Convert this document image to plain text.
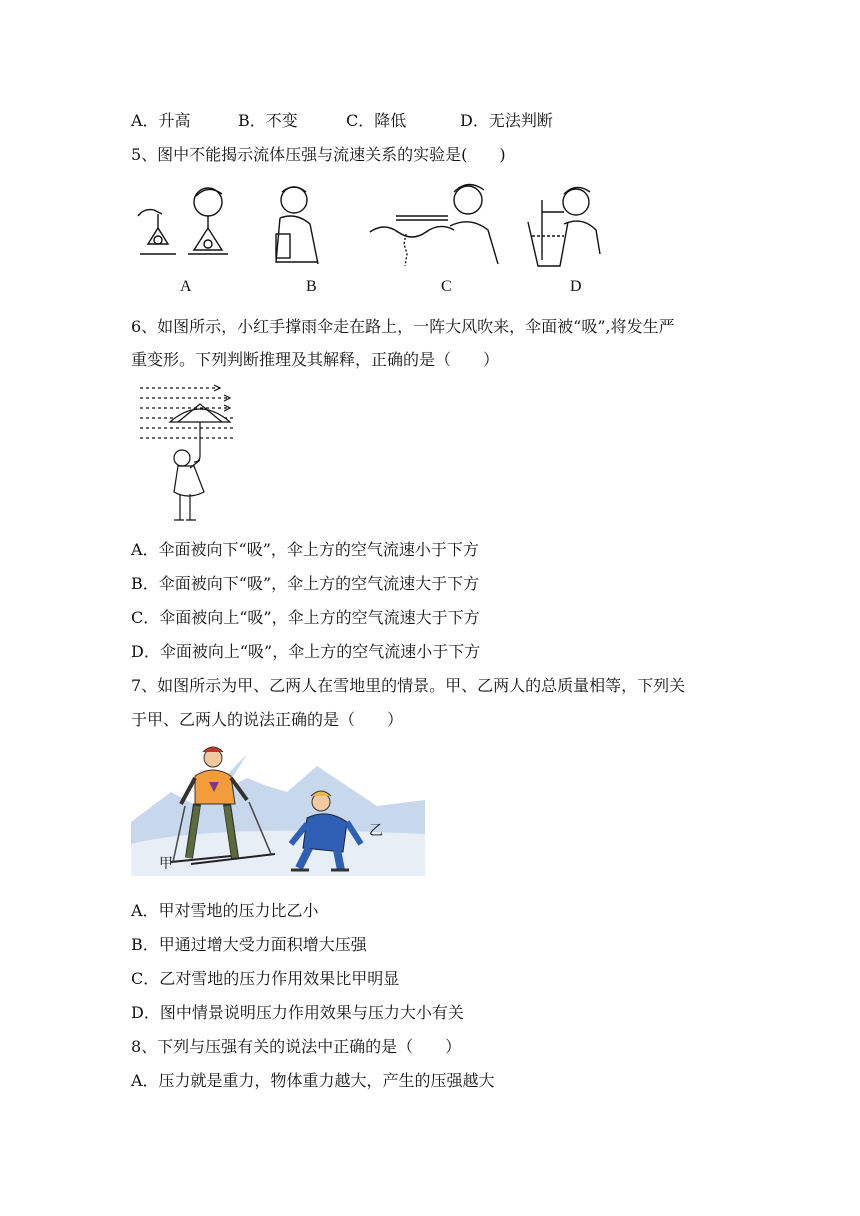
A．升高	B．不变	C．降低	D．无法判断
5、图中不能揭示流体压强与流速关系的实验是(　　)
A	B	C	D
6、如图所示，小红手撑雨伞走在路上，一阵大风吹来，伞面被“吸”,将发生严
重变形。下列判断推理及其解释，正确的是（　　）
A．伞面被向下“吸”，伞上方的空气流速小于下方
B．伞面被向下“吸”，伞上方的空气流速大于下方
C．伞面被向上“吸”，伞上方的空气流速大于下方
D．伞面被向上“吸”，伞上方的空气流速小于下方
7、如图所示为甲、乙两人在雪地里的情景。甲、乙两人的总质量相等，下列关
于甲、乙两人的说法正确的是（　　）
甲
乙
A．甲对雪地的压力比乙小
B．甲通过增大受力面积增大压强
C．乙对雪地的压力作用效果比甲明显
D．图中情景说明压力作用效果与压力大小有关
8、下列与压强有关的说法中正确的是（　　）
A．压力就是重力，物体重力越大，产生的压强越大
